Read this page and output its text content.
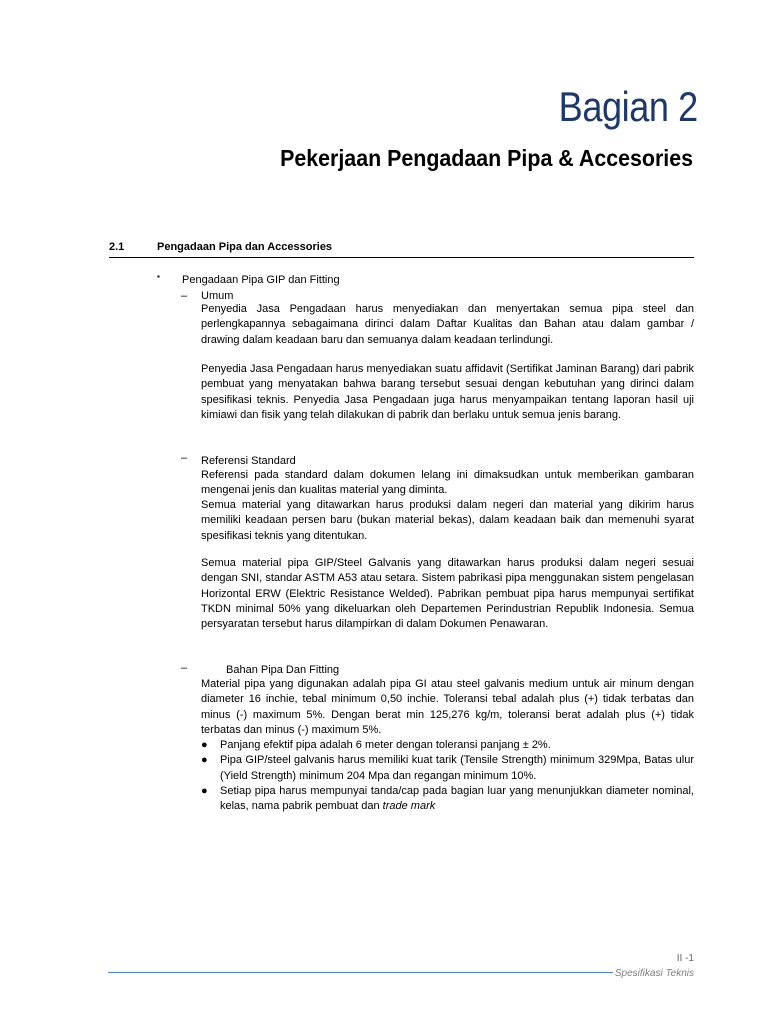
Bagian 2
Pekerjaan Pengadaan Pipa & Accesories
2.1	Pengadaan Pipa dan Accessories
▪ Pengadaan Pipa GIP dan Fitting
– Umum

Penyedia Jasa Pengadaan harus menyediakan dan menyertakan semua pipa steel dan perlengkapannya sebagaimana dirinci dalam Daftar Kualitas dan Bahan atau dalam gambar / drawing dalam keadaan baru dan semuanya dalam keadaan terlindungi.

Penyedia Jasa Pengadaan harus menyediakan suatu affidavit (Sertifikat Jaminan Barang) dari pabrik pembuat yang menyatakan bahwa barang tersebut sesuai dengan kebutuhan yang dirinci dalam spesifikasi teknis. Penyedia Jasa Pengadaan juga harus menyampaikan tentang laporan hasil uji kimiawi dan fisik yang telah dilakukan di pabrik dan berlaku untuk semua jenis barang.

– Referensi Standard

Referensi pada standard dalam dokumen lelang ini dimaksudkan untuk memberikan gambaran mengenai jenis dan kualitas material yang diminta.

Semua material yang ditawarkan harus produksi dalam negeri dan material yang dikirim harus memiliki keadaan persen baru (bukan material bekas), dalam keadaan baik dan memenuhi syarat spesifikasi teknis yang ditentukan.

Semua material pipa GIP/Steel Galvanis yang ditawarkan harus produksi dalam negeri sesuai dengan SNI, standar ASTM A53 atau setara. Sistem pabrikasi pipa menggunakan sistem pengelasan Horizontal ERW (Elektric Resistance Welded). Pabrikan pembuat pipa harus mempunyai sertifikat TKDN minimal 50% yang dikeluarkan oleh Departemen Perindustrian Republik Indonesia. Semua persyaratan tersebut harus dilampirkan di dalam Dokumen Penawaran.

–	Bahan Pipa Dan Fitting

Material pipa yang digunakan adalah pipa GI atau steel galvanis medium untuk air minum dengan diameter 16 inchie, tebal minimum 0,50 inchie. Toleransi tebal adalah plus (+) tidak terbatas dan minus (-) maximum 5%. Dengan berat min 125,276 kg/m, toleransi berat adalah plus (+) tidak terbatas dan minus (-) maximum 5%.

● Panjang efektif pipa adalah 6 meter dengan toleransi panjang ± 2%.
● Pipa GIP/steel galvanis harus memiliki kuat tarik (Tensile Strength) minimum 329Mpa, Batas ulur (Yield Strength) minimum 204 Mpa dan regangan minimum 10%.
● Setiap pipa harus mempunyai tanda/cap pada bagian luar yang menunjukkan diameter nominal, kelas, nama pabrik pembuat dan trade mark
II -1
Spesifikasi Teknis
